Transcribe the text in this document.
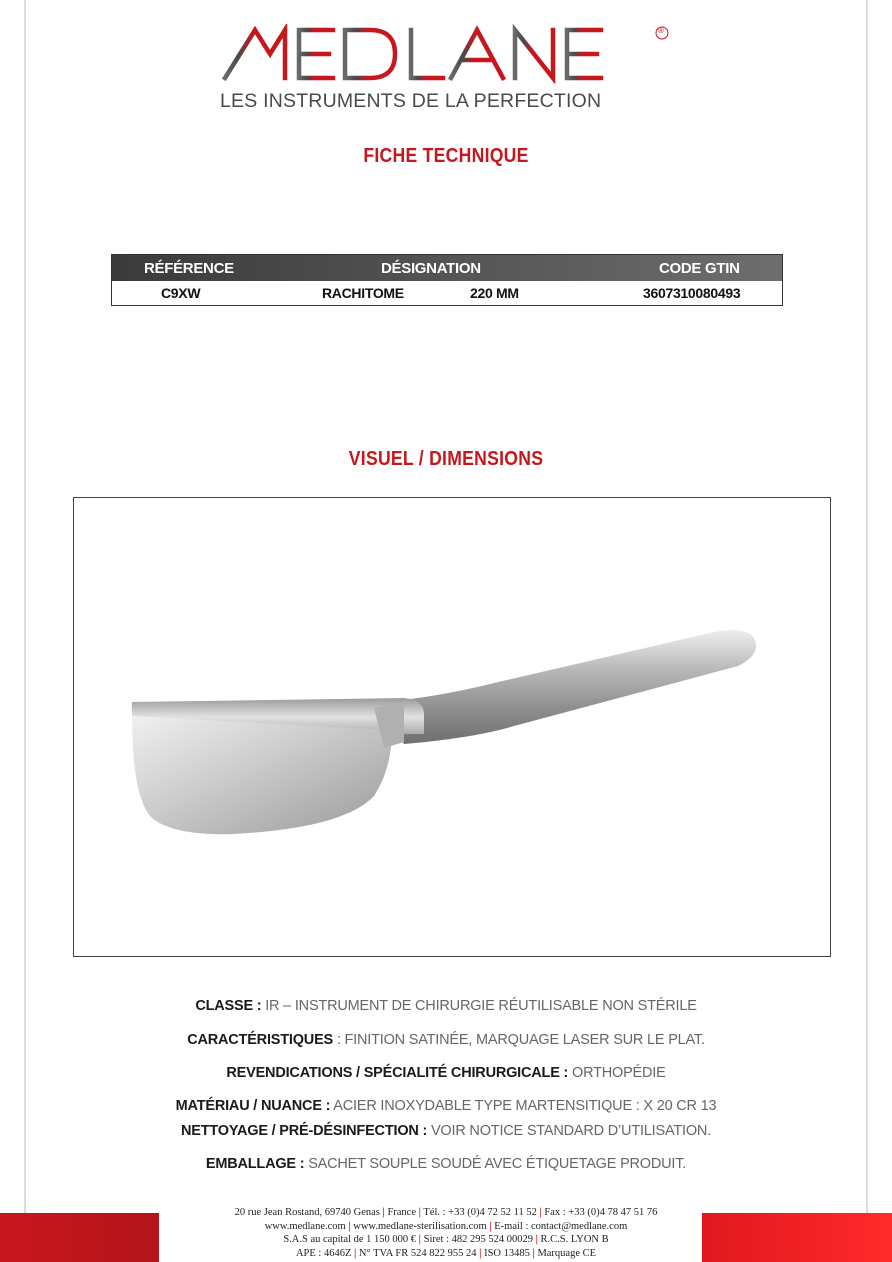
®
LES INSTRUMENTS DE LA PERFECTION
FICHE TECHNIQUE
RÉFÉRENCE	DÉSIGNATION	CODE GTIN
C9XW	RACHITOME	220 MM	3607310080493
VISUEL / DIMENSIONS
CLASSE : IR – INSTRUMENT DE CHIRURGIE RÉUTILISABLE NON STÉRILE
CARACTÉRISTIQUES : FINITION SATINÉE, MARQUAGE LASER SUR LE PLAT.
REVENDICATIONS / SPÉCIALITÉ CHIRURGICALE : ORTHOPÉDIE
MATÉRIAU / NUANCE : ACIER INOXYDABLE TYPE MARTENSITIQUE : X 20 CR 13
NETTOYAGE / PRÉ-DÉSINFECTION : VOIR NOTICE STANDARD D’UTILISATION.
EMBALLAGE : SACHET SOUPLE SOUDÉ AVEC ÉTIQUETAGE PRODUIT.
20 rue Jean Rostand, 69740 Genas | France | Tél. : +33 (0)4 72 52 11 52 | Fax : +33 (0)4 78 47 51 76
www.medlane.com | www.medlane-sterilisation.com | E-mail : contact@medlane.com
S.A.S au capital de 1 150 000 € | Siret : 482 295 524 00029 | R.C.S. LYON B
APE : 4646Z | N° TVA FR 524 822 955 24 | ISO 13485 | Marquage CE
